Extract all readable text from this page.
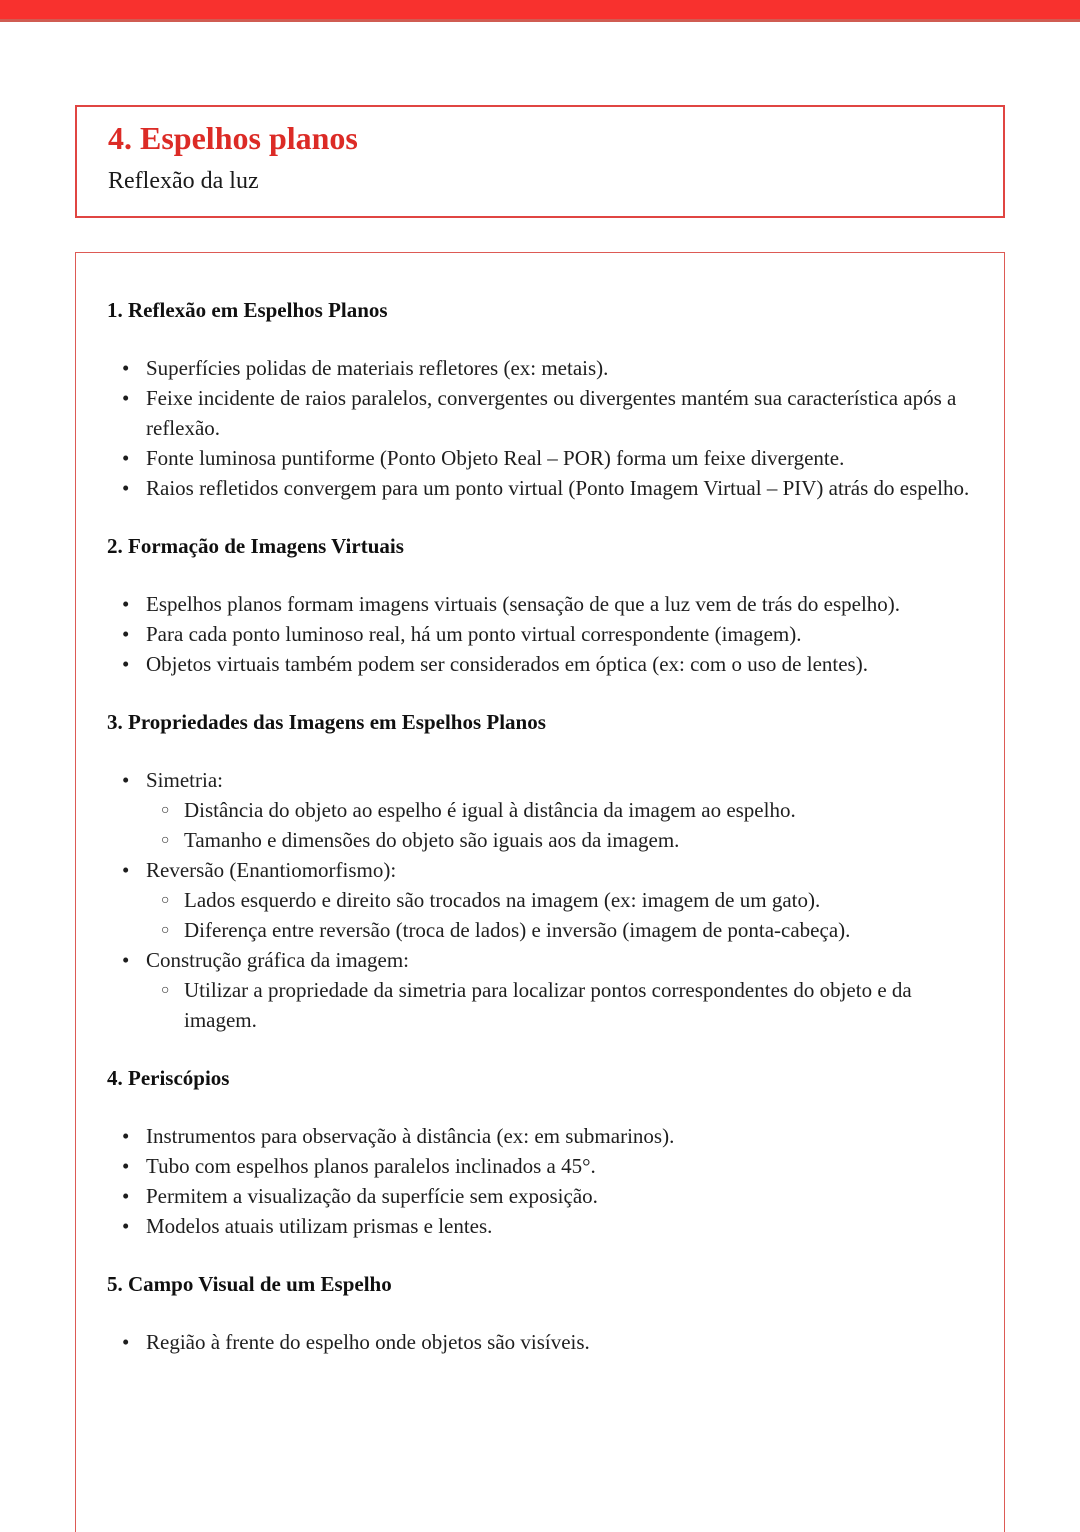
4. Espelhos planos

Reflexão da luz

1. Reflexão em Espelhos Planos
• Superfícies polidas de materiais refletores (ex: metais).
• Feixe incidente de raios paralelos, convergentes ou divergentes mantém sua característica após a reflexão.
• Fonte luminosa puntiforme (Ponto Objeto Real – POR) forma um feixe divergente.
• Raios refletidos convergem para um ponto virtual (Ponto Imagem Virtual – PIV) atrás do espelho.
2. Formação de Imagens Virtuais
• Espelhos planos formam imagens virtuais (sensação de que a luz vem de trás do espelho).
• Para cada ponto luminoso real, há um ponto virtual correspondente (imagem).
• Objetos virtuais também podem ser considerados em óptica (ex: com o uso de lentes).
3. Propriedades das Imagens em Espelhos Planos
• Simetria:
○ Distância do objeto ao espelho é igual à distância da imagem ao espelho.
○ Tamanho e dimensões do objeto são iguais aos da imagem.
• Reversão (Enantiomorfismo):
○ Lados esquerdo e direito são trocados na imagem (ex: imagem de um gato).
○ Diferença entre reversão (troca de lados) e inversão (imagem de ponta-cabeça).
• Construção gráfica da imagem:
○ Utilizar a propriedade da simetria para localizar pontos correspondentes do objeto e da imagem.
4. Periscópios
• Instrumentos para observação à distância (ex: em submarinos).
• Tubo com espelhos planos paralelos inclinados a 45°.
• Permitem a visualização da superfície sem exposição.
• Modelos atuais utilizam prismas e lentes.
5. Campo Visual de um Espelho
• Região à frente do espelho onde objetos são visíveis.
